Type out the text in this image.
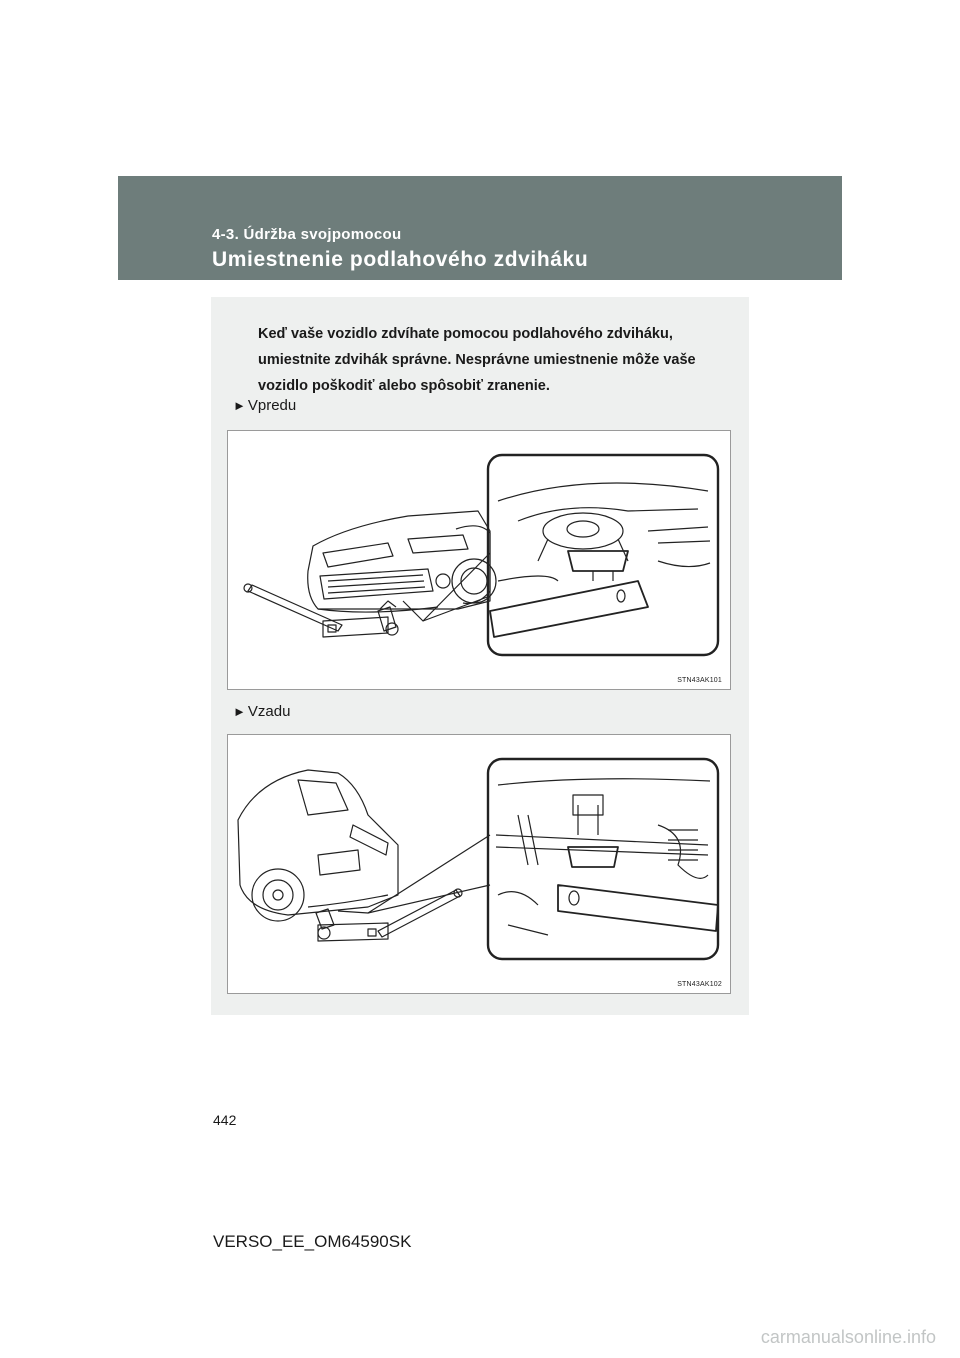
4-3. Údržba svojpomocou
Umiestnenie podlahového zdviháku
Keď vaše vozidlo zdvíhate pomocou podlahového zdviháku, umiestnite zdvihák správne. Nesprávne umiestnenie môže vaše vozidlo poškodiť alebo spôsobiť zranenie.
► Vpredu
STN43AK101
► Vzadu
STN43AK102
442
VERSO_EE_OM64590SK
carmanualsonline.info
